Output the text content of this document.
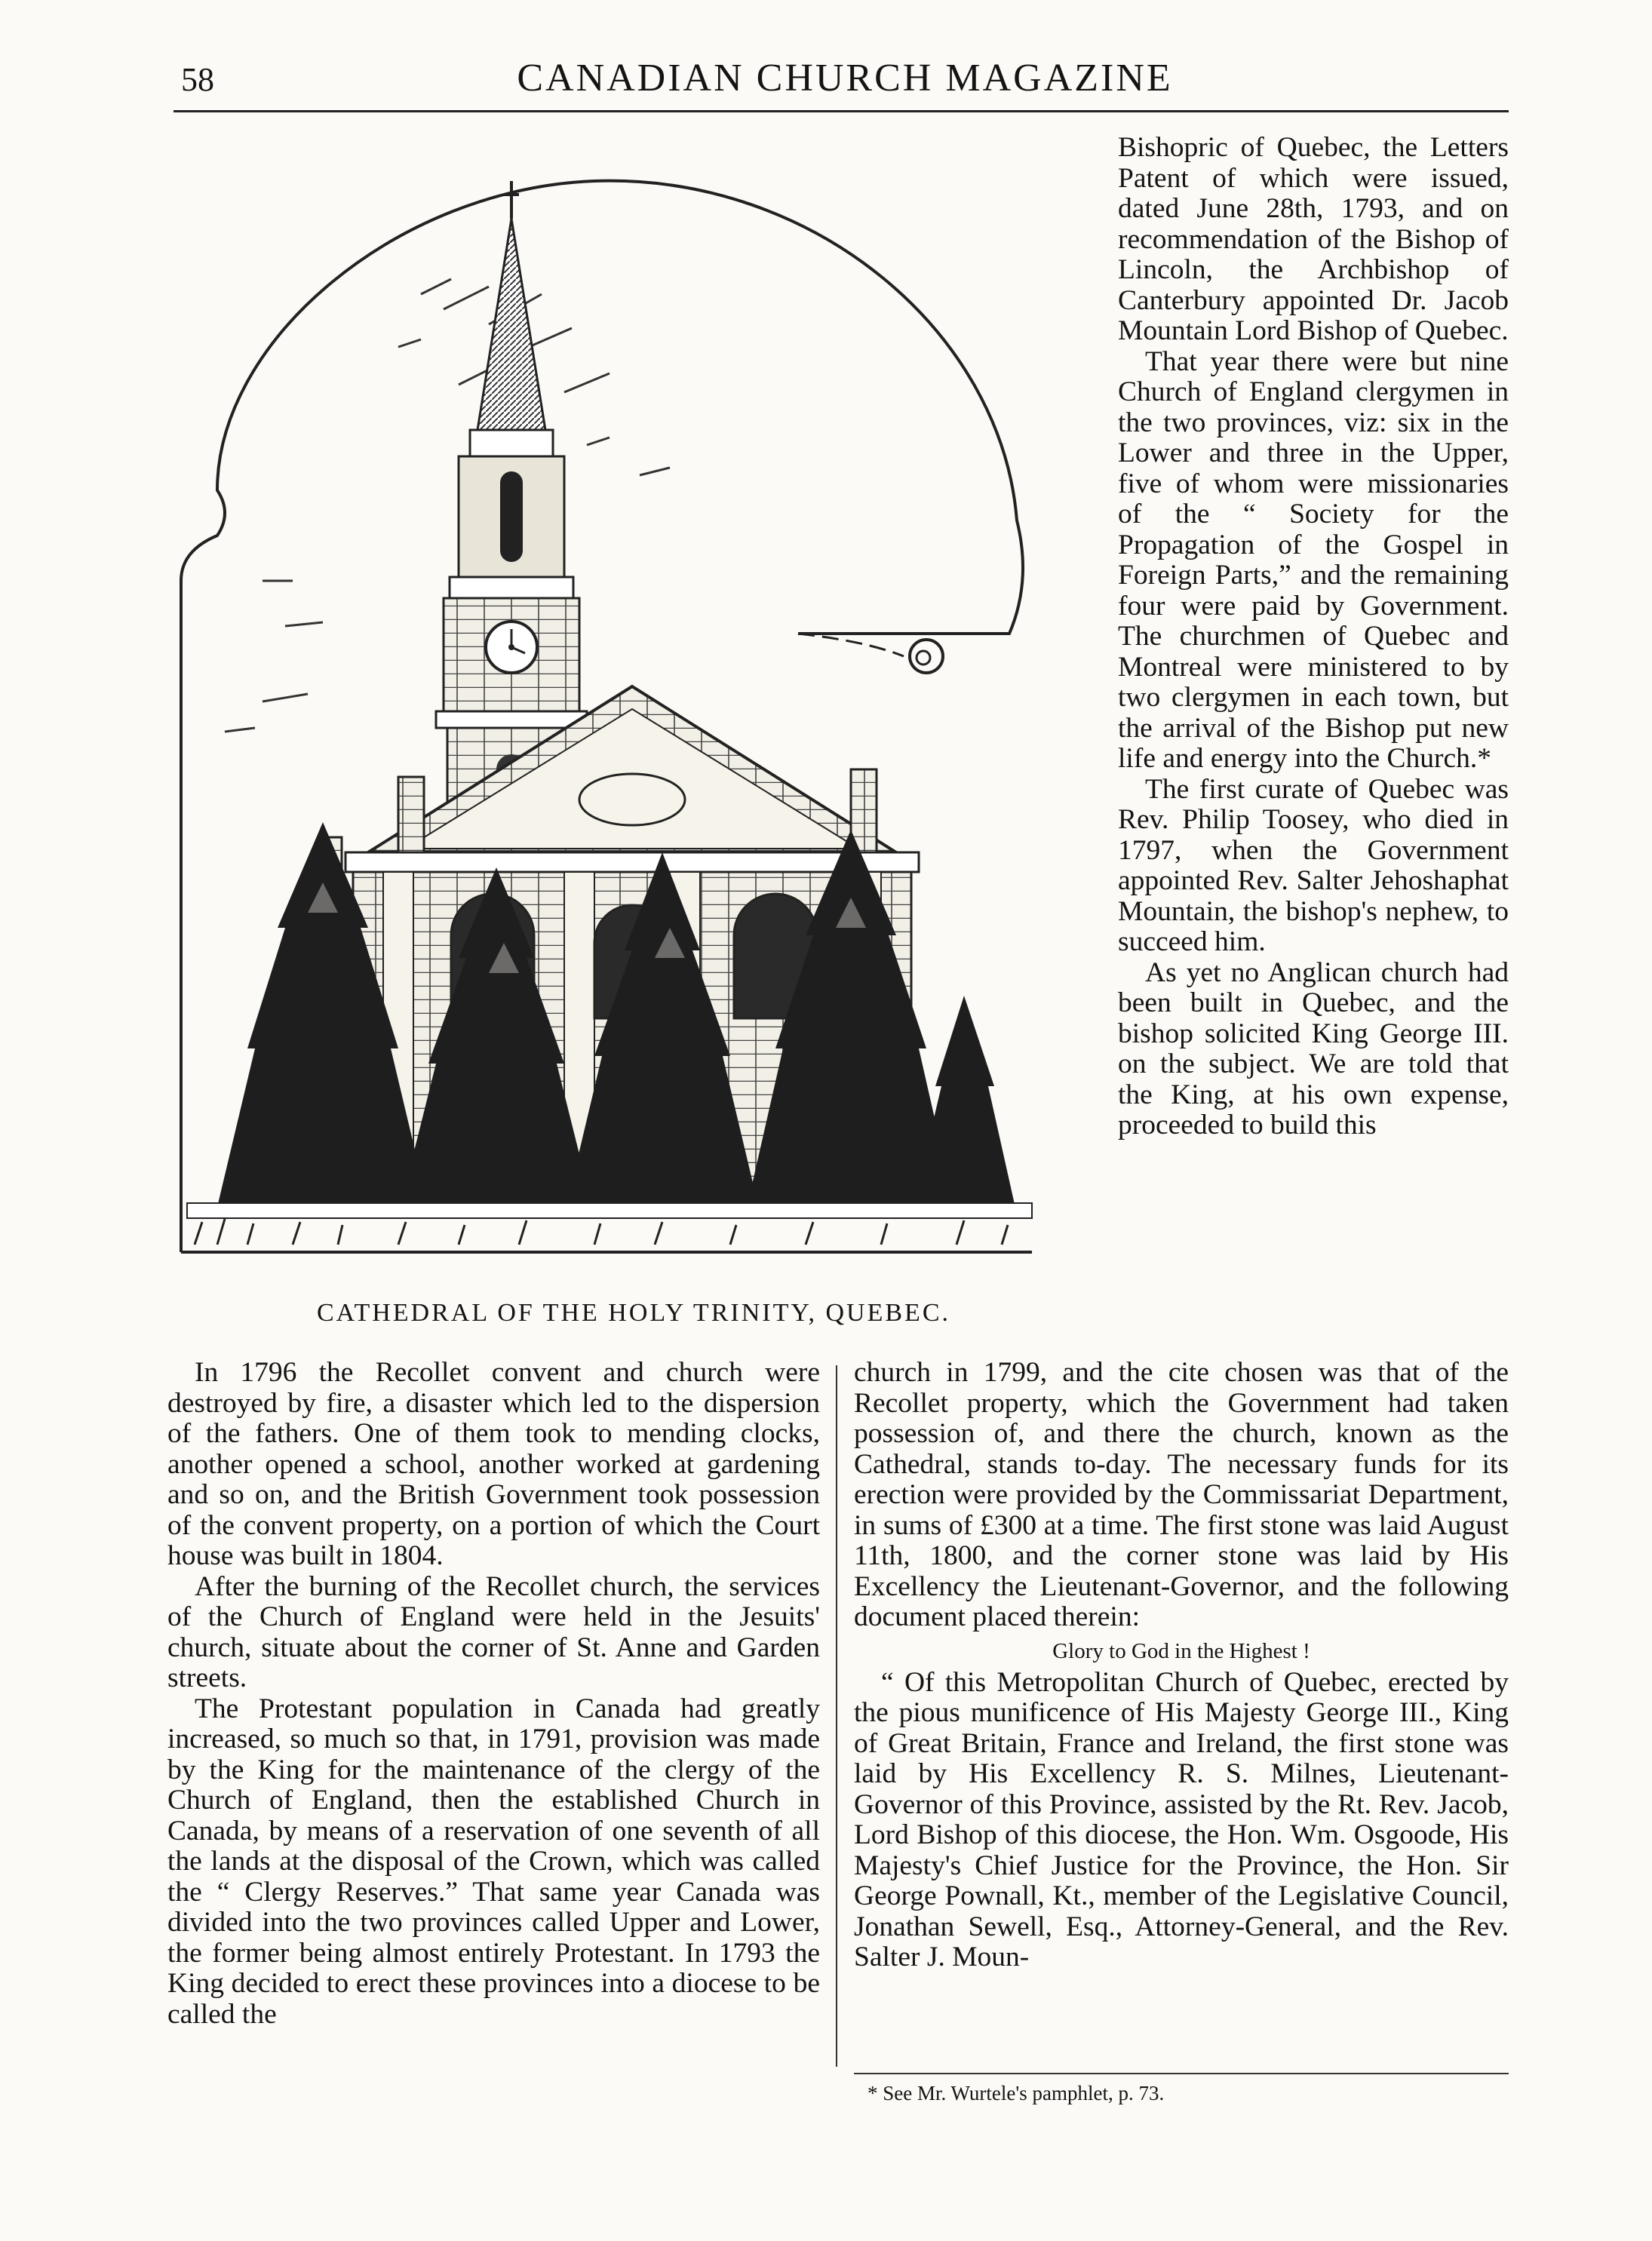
58	CANADIAN CHURCH MAGAZINE
CATHEDRAL OF THE HOLY TRINITY, QUEBEC.

Bishopric of Quebec, the Letters Patent of which were issued, dated June 28th, 1793, and on recommendation of the Bishop of Lincoln, the Archbishop of Canterbury appointed Dr. Jacob Mountain Lord Bishop of Quebec.

That year there were but nine Church of England clergymen in the two provinces, viz: six in the Lower and three in the Upper, five of whom were missionaries of the “ Society for the Propagation of the Gospel in Foreign Parts,” and the remaining four were paid by Government. The churchmen of Quebec and Montreal were ministered to by two clergymen in each town, but the arrival of the Bishop put new life and energy into the Church.*

The first curate of Quebec was Rev. Philip Toosey, who died in 1797, when the Government appointed Rev. Salter Jehoshaphat Mountain, the bishop's nephew, to succeed him.

As yet no Anglican church had been built in Quebec, and the bishop solicited King George III. on the subject. We are told that the King, at his own expense, proceeded to build this

In 1796 the Recollet convent and church were destroyed by fire, a disaster which led to the dispersion of the fathers. One of them took to mending clocks, another opened a school, another worked at gardening and so on, and the British Government took possession of the convent property, on a portion of which the Court house was built in 1804.

After the burning of the Recollet church, the services of the Church of England were held in the Jesuits' church, situate about the corner of St. Anne and Garden streets.

The Protestant population in Canada had greatly increased, so much so that, in 1791, provision was made by the King for the maintenance of the clergy of the Church of England, then the established Church in Canada, by means of a reservation of one seventh of all the lands at the disposal of the Crown, which was called the “ Clergy Reserves.” That same year Canada was divided into the two provinces called Upper and Lower, the former being almost entirely Protestant. In 1793 the King decided to erect these provinces into a diocese to be called the

church in 1799, and the cite chosen was that of the Recollet property, which the Government had taken possession of, and there the church, known as the Cathedral, stands to-day. The necessary funds for its erection were provided by the Commissariat Department, in sums of £300 at a time. The first stone was laid August 11th, 1800, and the corner stone was laid by His Excellency the Lieutenant-Governor, and the following document placed therein:

Glory to God in the Highest !

“ Of this Metropolitan Church of Quebec, erected by the pious munificence of His Majesty George III., King of Great Britain, France and Ireland, the first stone was laid by His Excellency R. S. Milnes, Lieutenant-Governor of this Province, assisted by the Rt. Rev. Jacob, Lord Bishop of this diocese, the Hon. Wm. Osgoode, His Majesty's Chief Justice for the Province, the Hon. Sir George Pownall, Kt., member of the Legislative Council, Jonathan Sewell, Esq., Attorney-General, and the Rev. Salter J. Moun-

* See Mr. Wurtele's pamphlet, p. 73.
